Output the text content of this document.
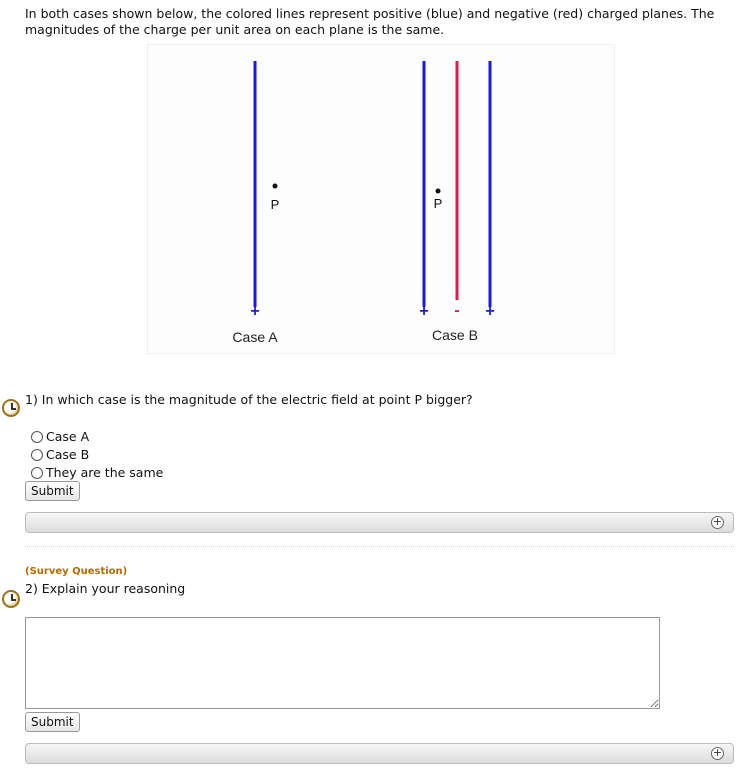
In both cases shown below, the colored lines represent positive (blue) and negative (red) charged planes. The magnitudes of the charge per unit area on each plane is the same.
P
+
Case A
P
+ - +
Case B
1) In which case is the magnitude of the electric field at point P bigger?
Case A
Case B
They are the same
Submit
+
(Survey Question)
2) Explain your reasoning
Submit
+
